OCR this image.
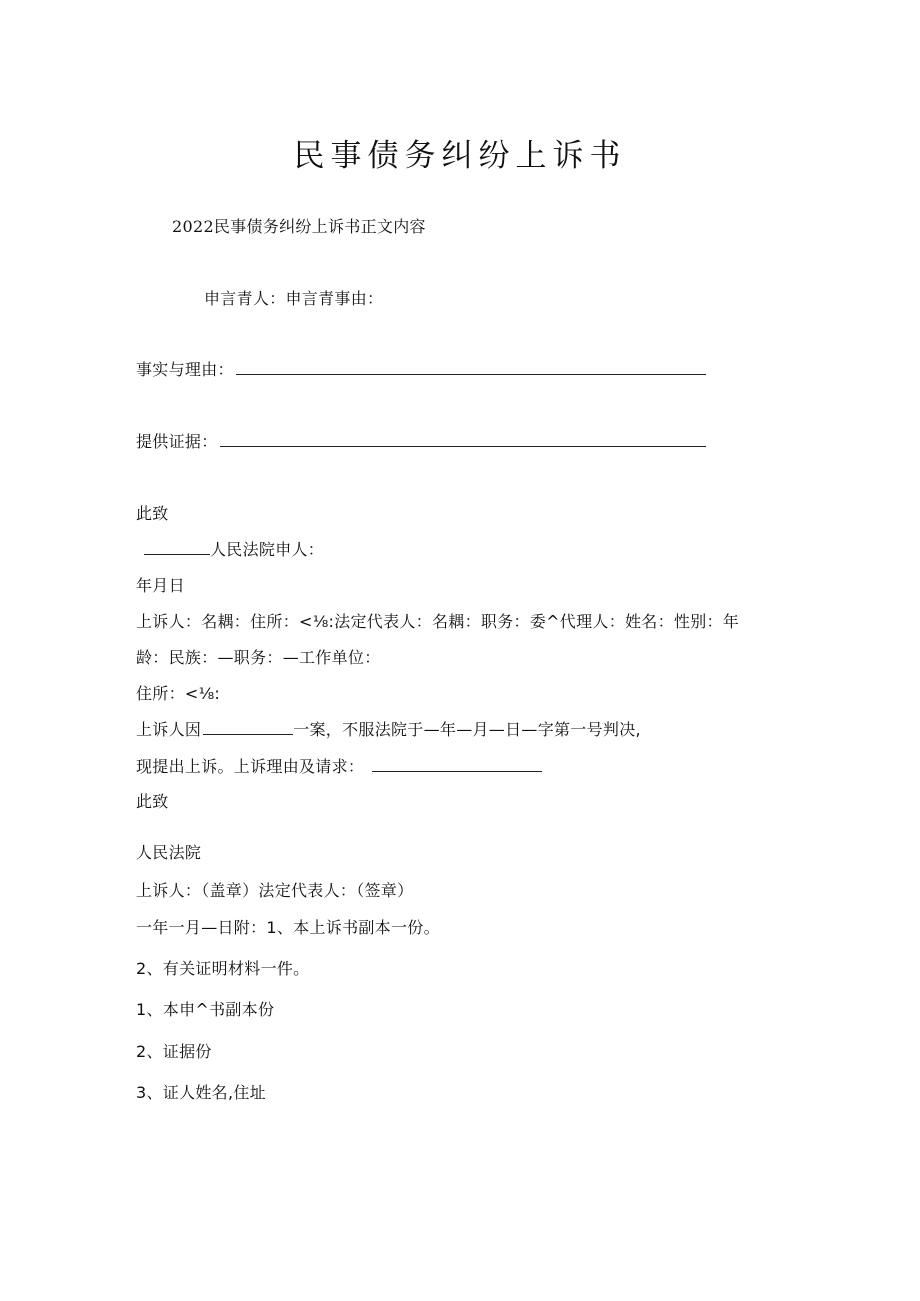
民事债务纠纷上诉书
2022民事债务纠纷上诉书正文内容
申言青人：申言青事由：
事实与理由：
提供证据：
此致
人民法院申人：
年月日
上诉人：名耦：住所：<⅛:法定代表人：名耦：职务：委^代理人：姓名：性别：年
龄：民族：—职务：—工作单位：
住所：<⅛:
上诉人因	一案，不服法院于—年—月—日—字第一号判决,
现提出上诉。上诉理由及请求：
此致
人民法院
上诉人：（盖章）法定代表人：（签章）
一年一月—日附：1、本上诉书副本一份。
2、有关证明材料一件。
1、本申^书副本份
2、证据份
3、证人姓名,住址
